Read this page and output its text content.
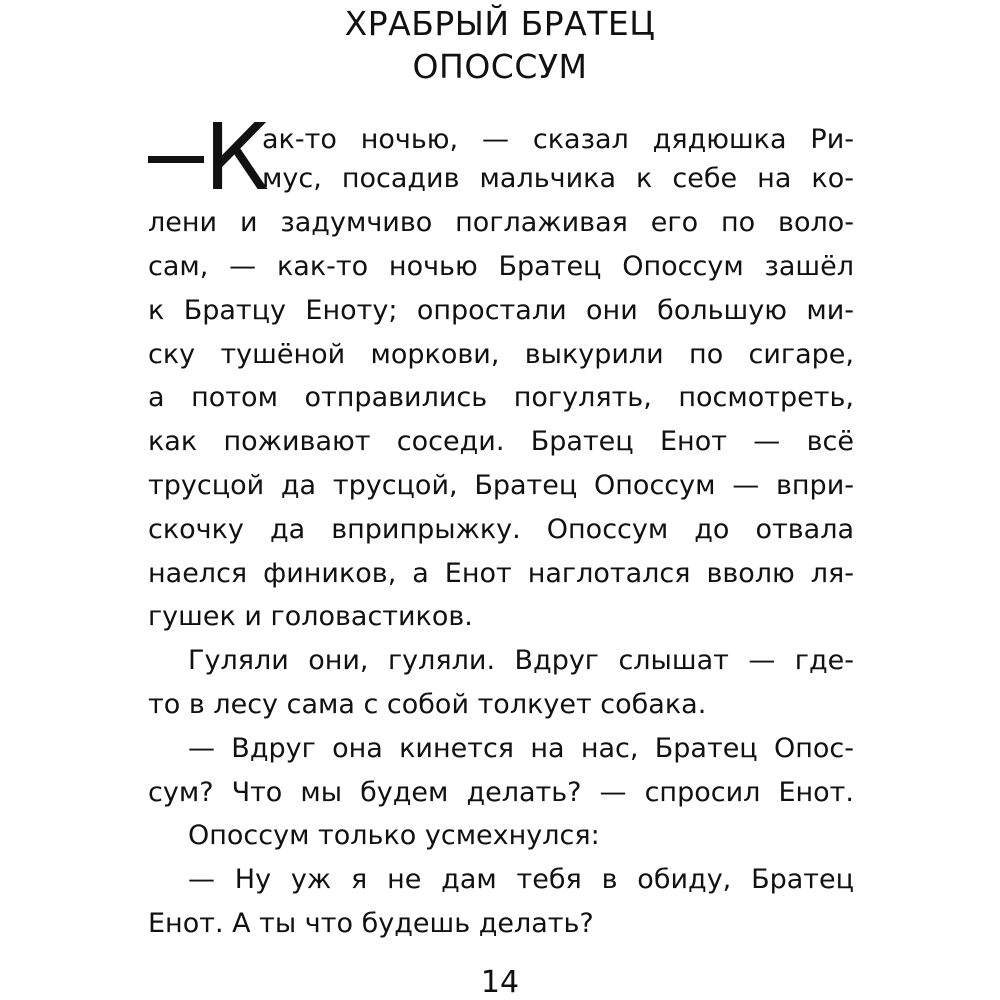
ХРАБРЫЙ БРАТЕЦ
ОПОССУМ
К
ак-то ночью, — сказал дядюшка Ри-
мус, посадив мальчика к себе на ко-
лени и задумчиво поглаживая его по воло-
сам, — как-то ночью Братец Опоссум зашёл
к Братцу Еноту; опростали они большую ми-
ску тушёной моркови, выкурили по сигаре,
а потом отправились погулять, посмотреть,
как поживают соседи. Братец Енот — всё
трусцой да трусцой, Братец Опоссум — впри-
скочку да вприпрыжку. Опоссум до отвала
наелся фиников, а Енот наглотался вволю ля-
гушек и головастиков.
Гуляли они, гуляли. Вдруг слышат — где-
то в лесу сама с собой толкует собака.
— Вдруг она кинется на нас, Братец Опос-
сум? Что мы будем делать? — спросил Енот.
Опоссум только усмехнулся:
— Ну уж я не дам тебя в обиду, Братец
Енот. А ты что будешь делать?
14
